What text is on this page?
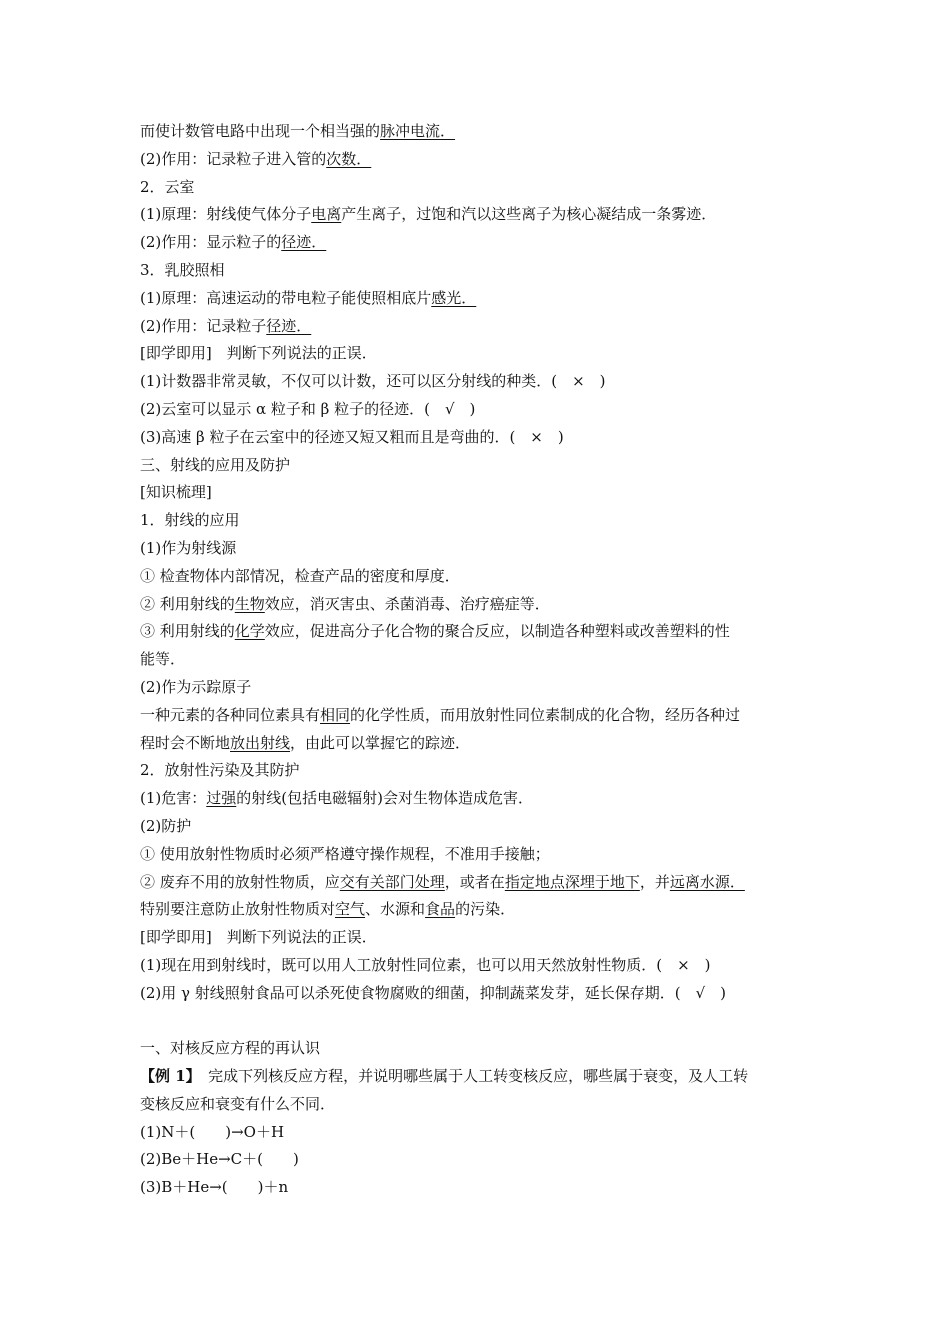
而使计数管电路中出现一个相当强的脉冲电流．
(2)作用：记录粒子进入管的次数．
2．云室
(1)原理：射线使气体分子电离产生离子，过饱和汽以这些离子为核心凝结成一条雾迹．
(2)作用：显示粒子的径迹．
3．乳胶照相
(1)原理：高速运动的带电粒子能使照相底片感光．
(2)作用：记录粒子径迹．
[即学即用]　判断下列说法的正误．
(1)计数器非常灵敏，不仅可以计数，还可以区分射线的种类．(　×　)
(2)云室可以显示 α 粒子和 β 粒子的径迹．(　√　)
(3)高速 β 粒子在云室中的径迹又短又粗而且是弯曲的．(　×　)
三、射线的应用及防护
[知识梳理]
1．射线的应用
(1)作为射线源
① 检查物体内部情况，检查产品的密度和厚度．
② 利用射线的生物效应，消灭害虫、杀菌消毒、治疗癌症等．
③ 利用射线的化学效应，促进高分子化合物的聚合反应，以制造各种塑料或改善塑料的性
能等．
(2)作为示踪原子
一种元素的各种同位素具有相同的化学性质，而用放射性同位素制成的化合物，经历各种过
程时会不断地放出射线，由此可以掌握它的踪迹．
2．放射性污染及其防护
(1)危害：过强的射线(包括电磁辐射)会对生物体造成危害．
(2)防护
① 使用放射性物质时必须严格遵守操作规程，不准用手接触；
② 废弃不用的放射性物质，应交有关部门处理，或者在指定地点深埋于地下，并远离水源．
特别要注意防止放射性物质对空气、水源和食品的污染．
[即学即用]　判断下列说法的正误．
(1)现在用到射线时，既可以用人工放射性同位素，也可以用天然放射性物质．(　×　)
(2)用 γ 射线照射食品可以杀死使食物腐败的细菌，抑制蔬菜发芽，延长保存期．(　√　)
一、对核反应方程的再认识
【例 1】　完成下列核反应方程，并说明哪些属于人工转变核反应，哪些属于衰变，及人工转
变核反应和衰变有什么不同．
(1)N＋(　　)→O＋H
(2)Be＋He→C＋(　　)
(3)B＋He→(　　)＋n
